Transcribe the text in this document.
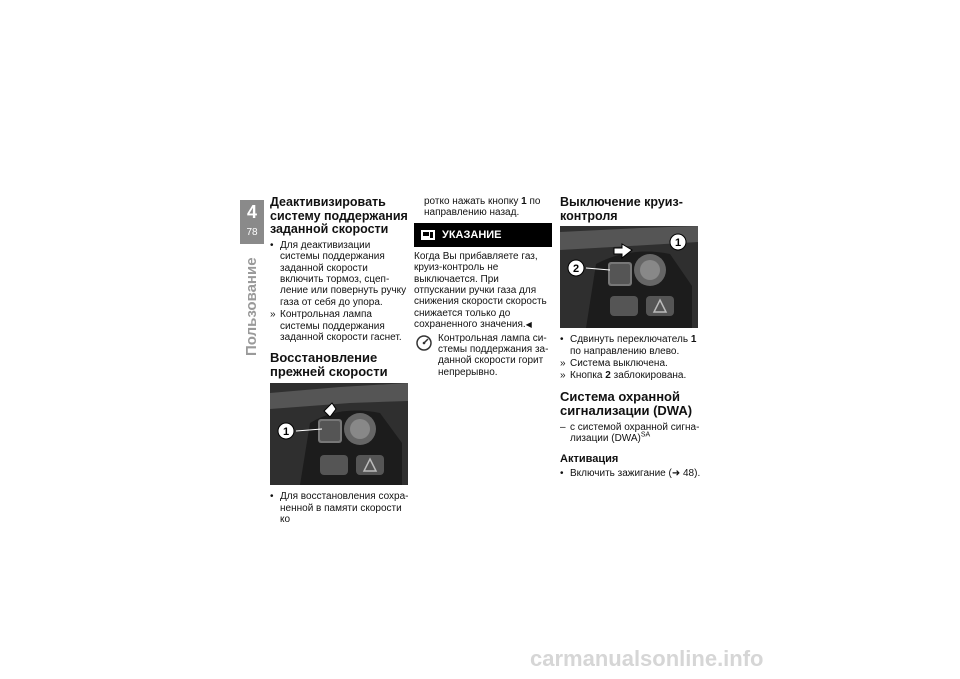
4
78
Пользование
Деактивизировать систему поддержания заданной скорости
• Для деактивизации системы поддержания заданной скорости включить тормоз, сцепление или повернуть ручку газа от себя до упора.
» Контрольная лампа системы поддержания заданной скорости гаснет.
Восстановление прежней скорости
1
• Для восстановления сохраненной в памяти скорости ко
ротко нажать кнопку 1 по направлению назад.
УКАЗАНИЕ
Когда Вы прибавляете газ, круиз-контроль не выключается. При отпускании ручки газа для снижения скорости скорость снижается только до сохраненного значения.◀
Контрольная лампа системы поддержания заданной скорости горит непрерывно.
Выключение круиз-контроля
1
2
• Сдвинуть переключатель 1 по направлению влево.
» Система выключена.
» Кнопка 2 заблокирована.
Система охранной сигнализации (DWA)
– с системой охранной сигнализации (DWA)$^{SA}$
Активация
• Включить зажигание (➜ 48).
carmanualsonline.info
